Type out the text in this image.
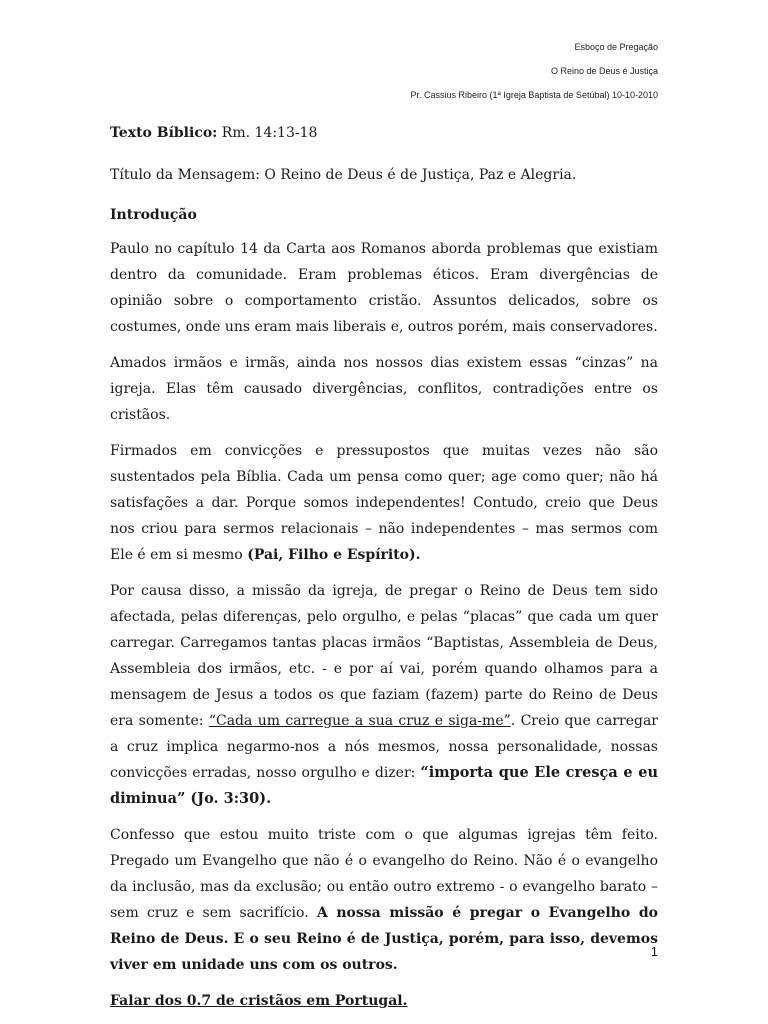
Esboço de Pregação
O Reino de Deus é Justiça
Pr. Cassius Ribeiro (1ª Igreja Baptista de Setúbal) 10-10-2010

Texto Bíblico: Rm. 14:13-18

Título da Mensagem: O Reino de Deus é de Justiça, Paz e Alegria.

Introdução

Paulo no capítulo 14 da Carta aos Romanos aborda problemas que existiam dentro da comunidade. Eram problemas éticos. Eram divergências de opinião sobre o comportamento cristão. Assuntos delicados, sobre os costumes, onde uns eram mais liberais e, outros porém, mais conservadores.

Amados irmãos e irmãs, ainda nos nossos dias existem essas “cinzas” na igreja. Elas têm causado divergências, conflitos, contradições entre os cristãos.

Firmados em convicções e pressupostos que muitas vezes não são sustentados pela Bíblia. Cada um pensa como quer; age como quer; não há satisfações a dar. Porque somos independentes! Contudo, creio que Deus nos criou para sermos relacionais – não independentes – mas sermos com Ele é em si mesmo (Pai, Filho e Espírito).

Por causa disso, a missão da igreja, de pregar o Reino de Deus tem sido afectada, pelas diferenças, pelo orgulho, e pelas “placas” que cada um quer carregar. Carregamos tantas placas irmãos “Baptistas, Assembleia de Deus, Assembleia dos irmãos, etc. - e por aí vai, porém quando olhamos para a mensagem de Jesus a todos os que faziam (fazem) parte do Reino de Deus era somente: “Cada um carregue a sua cruz e siga-me”. Creio que carregar a cruz implica negarmo-nos a nós mesmos, nossa personalidade, nossas convicções erradas, nosso orgulho e dizer: “importa que Ele cresça e eu diminua” (Jo. 3:30).

Confesso que estou muito triste com o que algumas igrejas têm feito. Pregado um Evangelho que não é o evangelho do Reino. Não é o evangelho da inclusão, mas da exclusão; ou então outro extremo - o evangelho barato – sem cruz e sem sacrifício. A nossa missão é pregar o Evangelho do Reino de Deus. E o seu Reino é de Justiça, porém, para isso, devemos viver em unidade uns com os outros.

Falar dos 0.7 de cristãos em Portugal.

1
